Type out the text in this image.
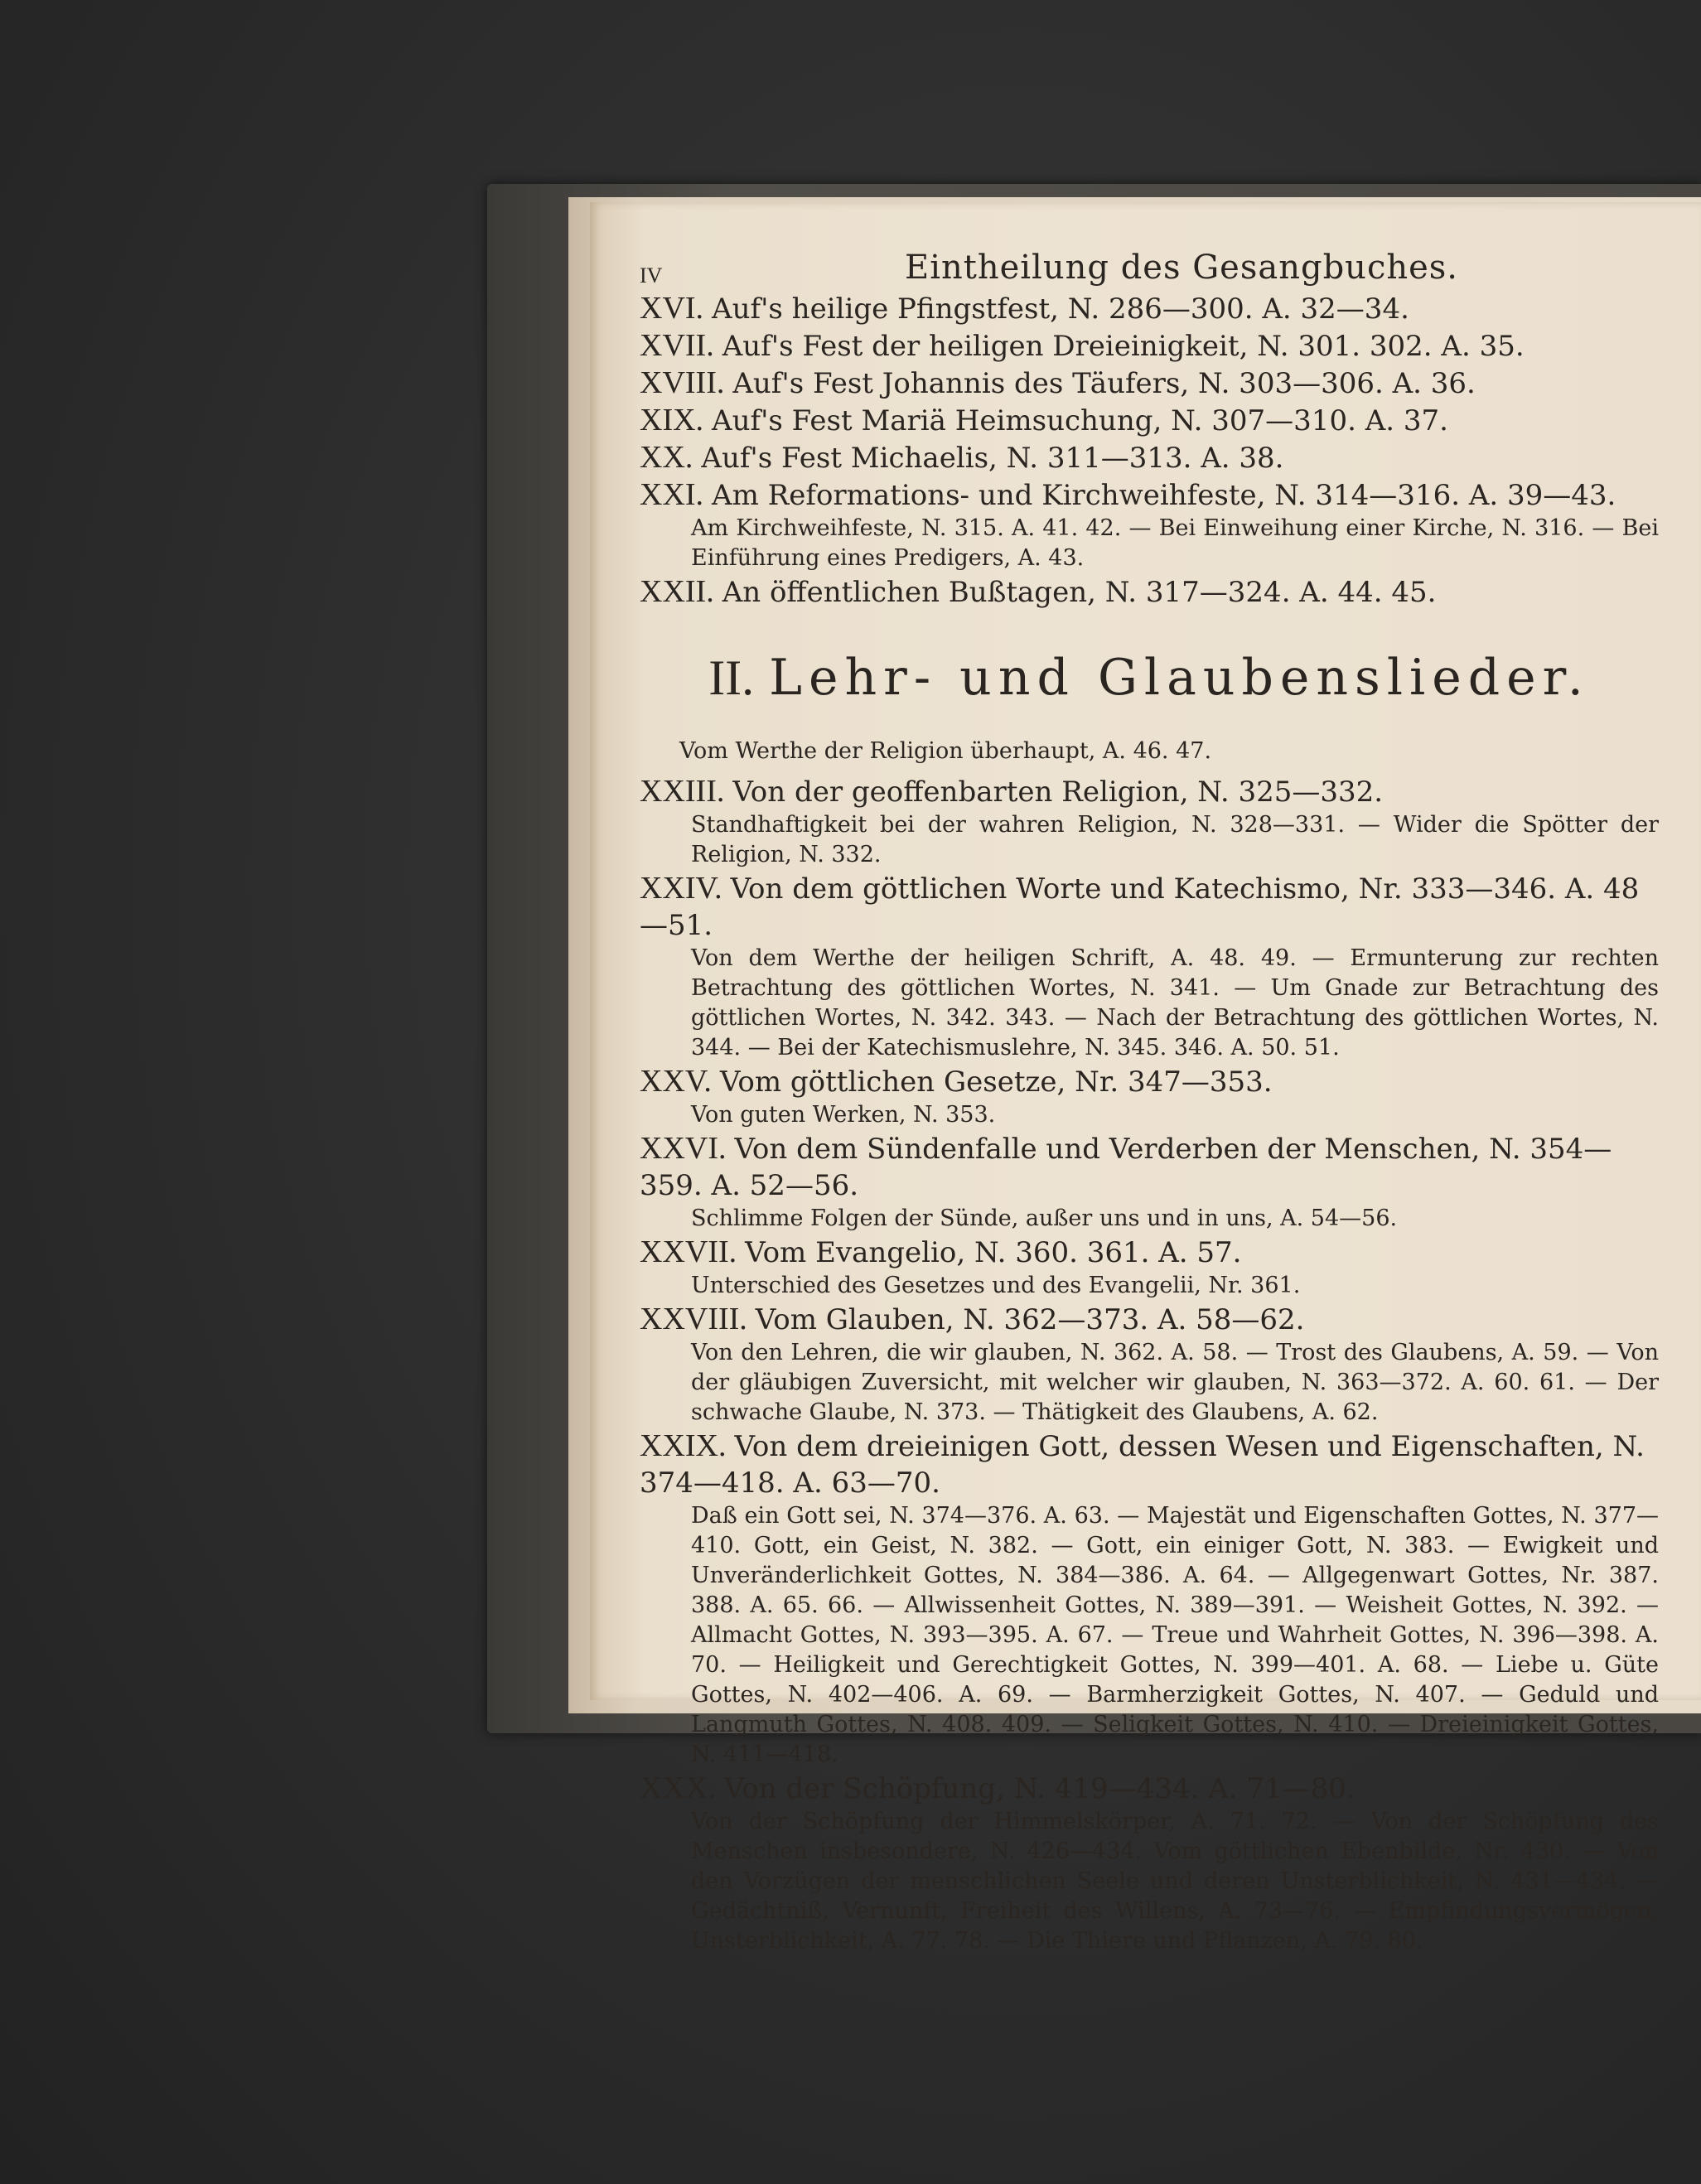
IV	Eintheilung des Gesangbuches.
XVI. Auf's heilige Pfingstfest, N. 286—300. A. 32—34.
XVII. Auf's Fest der heiligen Dreieinigkeit, N. 301. 302. A. 35.
XVIII. Auf's Fest Johannis des Täufers, N. 303—306. A. 36.
XIX. Auf's Fest Mariä Heimsuchung, N. 307—310. A. 37.
XX. Auf's Fest Michaelis, N. 311—313. A. 38.
XXI. Am Reformations- und Kirchweihfeste, N. 314—316. A. 39—43.
Am Kirchweihfeste, N. 315. A. 41. 42. — Bei Einweihung einer Kirche, N. 316. — Bei Einführung eines Predigers, A. 43.
XXII. An öffentlichen Bußtagen, N. 317—324. A. 44. 45.
II. Lehr- und Glaubenslieder.
Vom Werthe der Religion überhaupt, A. 46. 47.
XXIII. Von der geoffenbarten Religion, N. 325—332.
Standhaftigkeit bei der wahren Religion, N. 328—331. — Wider die Spötter der Religion, N. 332.
XXIV. Von dem göttlichen Worte und Katechismo, Nr. 333—346. A. 48—51.
Von dem Werthe der heiligen Schrift, A. 48. 49. — Ermunterung zur rechten Betrachtung des göttlichen Wortes, N. 341. — Um Gnade zur Betrachtung des göttlichen Wortes, N. 342. 343. — Nach der Betrachtung des göttlichen Wortes, N. 344. — Bei der Katechismuslehre, N. 345. 346. A. 50. 51.
XXV. Vom göttlichen Gesetze, Nr. 347—353.
Von guten Werken, N. 353.
XXVI. Von dem Sündenfalle und Verderben der Menschen, N. 354—359. A. 52—56.
Schlimme Folgen der Sünde, außer uns und in uns, A. 54—56.
XXVII. Vom Evangelio, N. 360. 361. A. 57.
Unterschied des Gesetzes und des Evangelii, Nr. 361.
XXVIII. Vom Glauben, N. 362—373. A. 58—62.
Von den Lehren, die wir glauben, N. 362. A. 58. — Trost des Glaubens, A. 59. — Von der gläubigen Zuversicht, mit welcher wir glauben, N. 363—372. A. 60. 61. — Der schwache Glaube, N. 373. — Thätigkeit des Glaubens, A. 62.
XXIX. Von dem dreieinigen Gott, dessen Wesen und Eigenschaften, N. 374—418. A. 63—70.
Daß ein Gott sei, N. 374—376. A. 63. — Majestät und Eigenschaften Gottes, N. 377—410. Gott, ein Geist, N. 382. — Gott, ein einiger Gott, N. 383. — Ewigkeit und Unveränderlichkeit Gottes, N. 384—386. A. 64. — Allgegenwart Gottes, Nr. 387. 388. A. 65. 66. — Allwissenheit Gottes, N. 389—391. — Weisheit Gottes, N. 392. — Allmacht Gottes, N. 393—395. A. 67. — Treue und Wahrheit Gottes, N. 396—398. A. 70. — Heiligkeit und Gerechtigkeit Gottes, N. 399—401. A. 68. — Liebe u. Güte Gottes, N. 402—406. A. 69. — Barmherzigkeit Gottes, N. 407. — Geduld und Langmuth Gottes, N. 408. 409. — Seligkeit Gottes, N. 410. — Dreieinigkeit Gottes, N. 411—418.
XXX. Von der Schöpfung, N. 419—434. A. 71—80.
Von der Schöpfung der Himmelskörper, A. 71. 72. — Von der Schöpfung des Menschen insbesondere, N. 426—434. Vom göttlichen Ebenbilde, Nr. 430. — Von den Vorzügen der menschlichen Seele und deren Unsterblichkeit, N. 431—434. — Gedächtniß, Vernunft, Freiheit des Willens, A. 73—76. — Empfindungsvermögen, Unsterblichkeit, A. 77. 78. — Die Thiere und Pflanzen, A. 79. 80.
